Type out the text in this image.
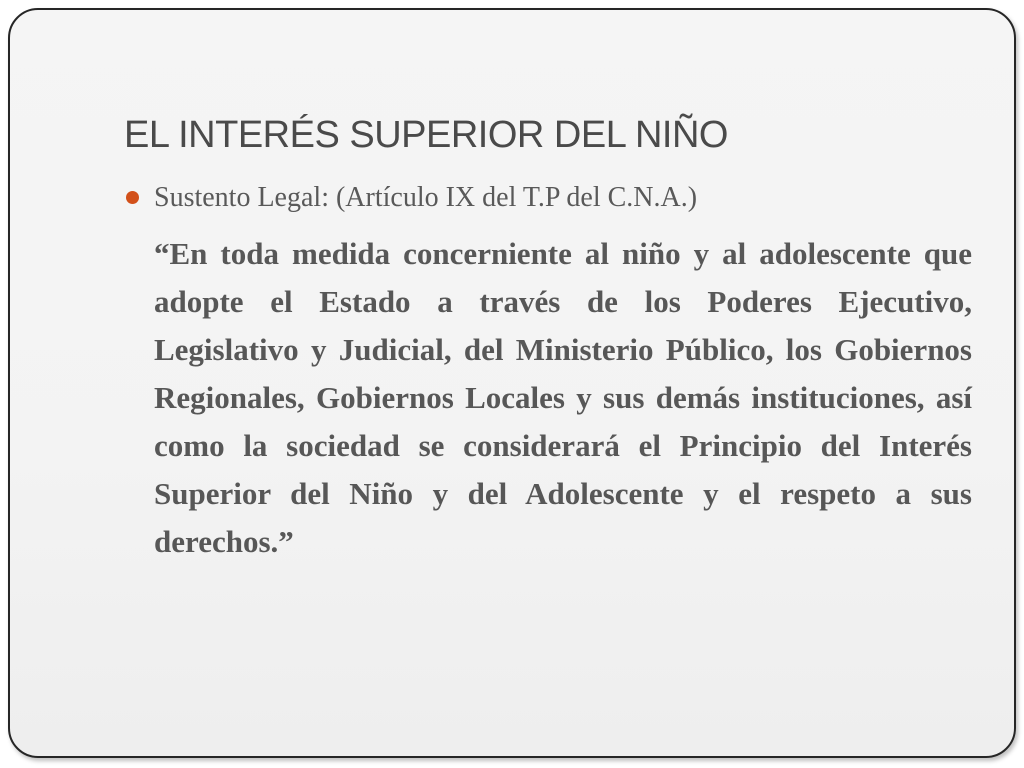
EL INTERÉS SUPERIOR DEL NIÑO
Sustento Legal: (Artículo IX del T.P del C.N.A.)

“En toda medida concerniente al niño y al adolescente que adopte el Estado a través de los Poderes Ejecutivo, Legislativo y Judicial, del Ministerio Público, los Gobiernos Regionales, Gobiernos Locales y sus demás instituciones, así como la sociedad se considerará el Principio del Interés Superior del Niño y del Adolescente y el respeto a sus derechos.”
